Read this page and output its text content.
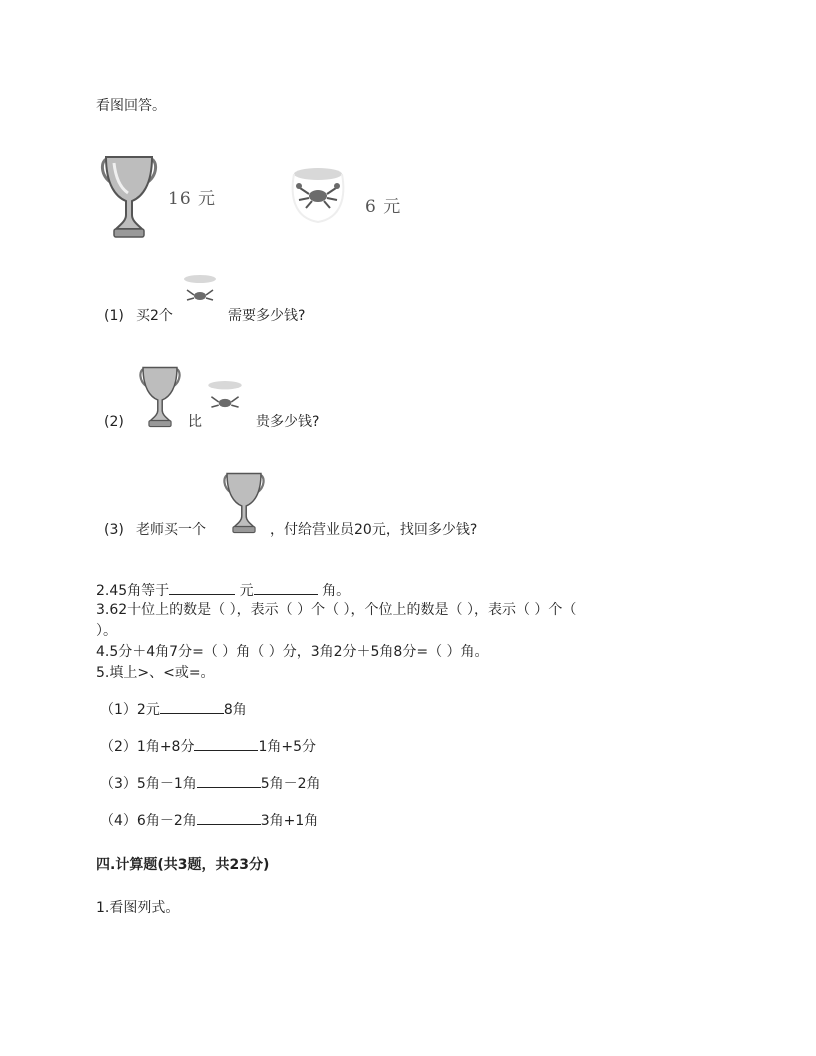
看图回答。
16 元	6 元
(1) 买2个	需要多少钱?
(2)	比	贵多少钱?
(3) 老师买一个	，付给营业员20元，找回多少钱?
2.45角等于	元	角。
3.62十位上的数是（ ），表示（ ）个（ ），个位上的数是（ ），表示（ ）个（
）。
4.5分＋4角7分=（ ）角（ ）分，3角2分＋5角8分=（ ）角。
5.填上>、<或=。
（1）2元	8角
（2）1角+8分	1角+5分
（3）5角－1角	5角－2角
（4）6角－2角	3角+1角
四.计算题(共3题，共23分)
1.看图列式。
